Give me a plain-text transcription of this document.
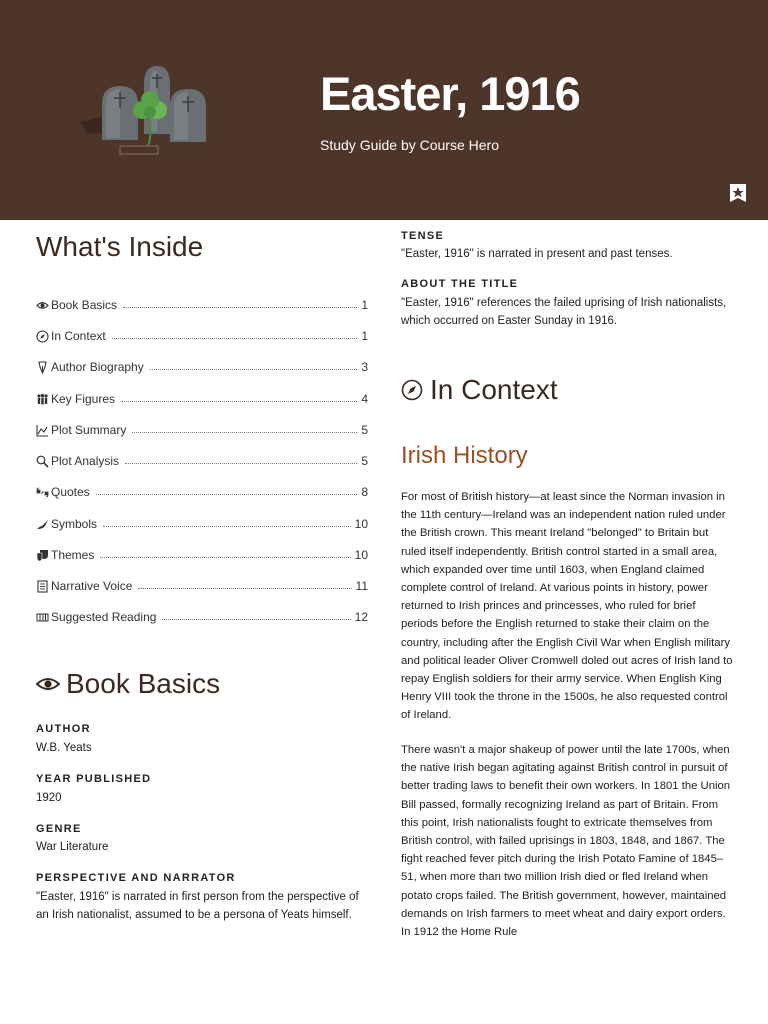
Easter, 1916
Study Guide by Course Hero
What's Inside
Book Basics	1
In Context	1
Author Biography	3
Key Figures	4
Plot Summary	5
Plot Analysis	5
Quotes	8
Symbols	10
Themes	10
Narrative Voice	11
Suggested Reading	12
Book Basics
AUTHOR
W.B. Yeats
YEAR PUBLISHED
1920
GENRE
War Literature
PERSPECTIVE AND NARRATOR
"Easter, 1916" is narrated in first person from the perspective of an Irish nationalist, assumed to be a persona of Yeats himself.
TENSE
"Easter, 1916" is narrated in present and past tenses.
ABOUT THE TITLE
"Easter, 1916" references the failed uprising of Irish nationalists, which occurred on Easter Sunday in 1916.
In Context
Irish History
For most of British history—at least since the Norman invasion in the 11th century—Ireland was an independent nation ruled under the British crown. This meant Ireland "belonged" to Britain but ruled itself independently. British control started in a small area, which expanded over time until 1603, when England claimed complete control of Ireland. At various points in history, power returned to Irish princes and princesses, who ruled for brief periods before the English returned to stake their claim on the country, including after the English Civil War when English military and political leader Oliver Cromwell doled out acres of Irish land to repay English soldiers for their army service. When English King Henry VIII took the throne in the 1500s, he also requested control of Ireland.
There wasn't a major shakeup of power until the late 1700s, when the native Irish began agitating against British control in pursuit of better trading laws to benefit their own workers. In 1801 the Union Bill passed, formally recognizing Ireland as part of Britain. From this point, Irish nationalists fought to extricate themselves from British control, with failed uprisings in 1803, 1848, and 1867. The fight reached fever pitch during the Irish Potato Famine of 1845–51, when more than two million Irish died or fled Ireland when potato crops failed. The British government, however, maintained demands on Irish farmers to meet wheat and dairy export orders. In 1912 the Home Rule
